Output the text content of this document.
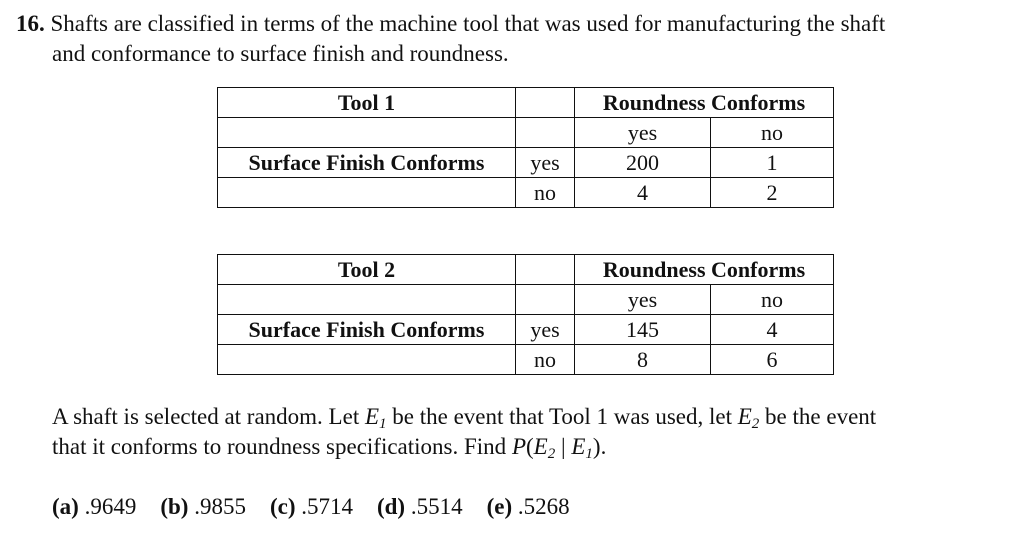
16. Shafts are classified in terms of the machine tool that was used for manufacturing the shaft
and conformance to surface finish and roundness.
Tool 1		Roundness Conforms	
		yes	no
Surface Finish Conforms	yes	200	1
	no	4	2
Tool 2		Roundness Conforms	
		yes	no
Surface Finish Conforms	yes	145	4
	no	8	6
A shaft is selected at random. Let $E_1$ be the event that Tool 1 was used, let $E_2$ be the event
that it conforms to roundness specifications. Find $P(E_2$ | $E_1$).
(a) .9649 (b) .9855 (c) .5714 (d) .5514 (e) .5268
